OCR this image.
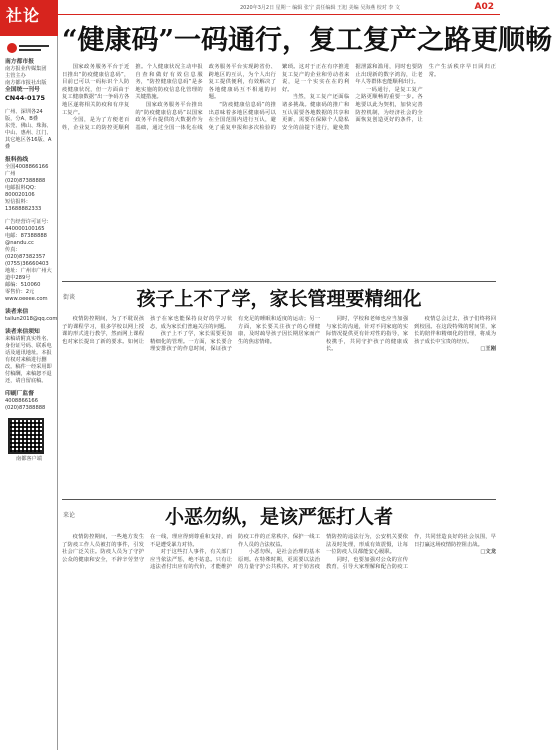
社论	2020年3月2日 星期一 编辑 张宁 责任编辑 王旭 美编 吴海燕 校对 李 文	A02
南方都市报
南方报业传媒集团
主管主办
南方都市报社出版
全国统一刊号
CN44-0175
广州、深圳各24版，分A、B叠
东莞、佛山、珠海、中山、惠州、江门、其它地区各16版、A叠
报料热线
全国4008866166
广州(020)87388888
电邮报料QQ：
800020106
短信报料：
13688882333
广告经营许可证号：
440000100165
电邮：87388888
@nandu.cc
传真：(020)87382357
(0755)36660403
地址：广州市广州大道中289号
邮编：510060
零售价：2元
www.oeeee.com
读者来信
tailun2018@qq.com
读者来信须知
来稿请附真实姓名、身份证号码、联系电话及通讯地址。本报有权对来稿进行删改。稿件一经采用即付稿酬，来稿恕不退还，请自留底稿。
印刷厂监督
4008866166
(020)87388888
南都客户端
“健康码”一码通行，复工复产之路更顺畅

国家政务服务平台于近日推出“防疫健康信息码”，目前已可以一码标识个人防疫健康状况，但一方面由于复工健康数据“出一争码方各地区遂将相关防疫和有序复工复产。

全国，是为了方便老百姓，企业复工的防控更顺利推。个人健康状况主动申报自查和做好有效信息服务，“防控健康信息码”是多地实施的防疫信息化管理的关键措施。

国家政务服务平台推出的“防疫健康信息码”以国家政务平台提供的大数据作为基础，通过全国一体化在线政务服务平台实现跨省份、跨地区的互认，为个人出行复工提供便利，有效解决了各地健康码互不相通的问题。

“防疫健康信息码”的推出意味着多地区健康码可以在全国范围内进行互认，避免了重复申报和多次检验的繁琐。这对于正在有序推进复工复产的企业和劳动者来说，是一个实实在在的利好。

当然，复工复产还面临诸多挑战。健康码的推广和互认需要各地数据的共享和更新，需要在保障个人隐私安全的前提下进行，避免数据泄露和滥用，同时也要防止出现新的数字鸿沟，让老年人等群体也能顺利出行。

一码通行，是复工复产之路更顺畅的重要一步。各地要以此为契机，加快完善防控机制，为经济社会的全面恢复创造更好的条件，让生产生活秩序早日回归正常。

街谈	孩子上不了学，家长管理要精细化

疫情防控期间，为了不耽误孩子的课程学习，很多学校以网上授课的形式进行教学，然而网上课程也对家长提出了新的要求。如何让孩子在家也能保持良好的学习状态，成为家长们普遍关注的问题。

孩子上不了学，家长需要更加精细化的管理。一方面，家长要合理安排孩子的作息时间，保证孩子有充足的睡眠和适度的运动；另一方面，家长要关注孩子的心理健康，及时疏导孩子因长期居家而产生的焦虑情绪。

同时，学校和老师也应当加强与家长的沟通，针对不同家庭的实际情况提供更有针对性的指导，家校携手，共同守护孩子的健康成长。

疫情总会过去，孩子们终将回到校园。在这段特殊的时间里，家长的陪伴和精细化的管理，将成为孩子成长中宝贵的经历。

□王刚

来论	小恶勿纵，是该严惩打人者

疫情防控期间，一些地方发生了防疫工作人员被打的事件，引发社会广泛关注。防疫人员为了守护公众的健康和安全，不辞辛劳坚守在一线，理应得到尊重和支持，而不是遭受暴力对待。

对于这些打人事件，有关部门应当依法严惩，绝不姑息。只有让违法者付出应有的代价，才能维护防疫工作的正常秩序，保护一线工作人员的合法权益。

小恶勿纵，是社会治理的基本原则。在特殊时期，更需要以法治的力量守护公共秩序。对于妨害疫情防控的违法行为，公安机关要依法及时处理，形成有效震慑，让每一位防疫人员都能安心履职。

同时，也要加强对公众的宣传教育，引导大家理解和配合防疫工作，共同营造良好的社会氛围，早日打赢这场疫情防控阻击战。

□文龙
